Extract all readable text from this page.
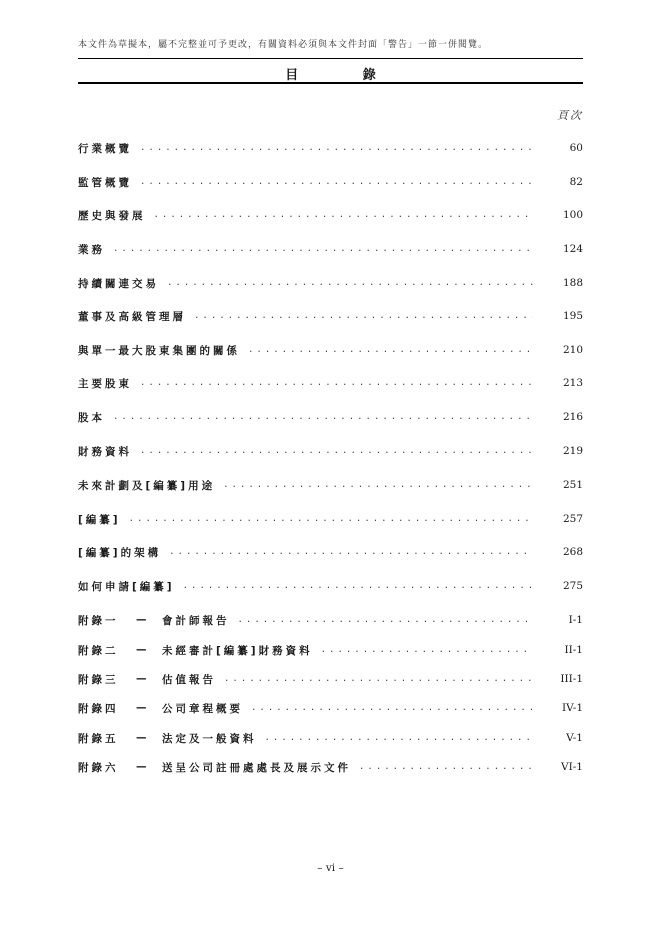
本文件為草擬本，屬不完整並可予更改，有關資料必須與本文件封面「警告」一節一併閱覽。
目 錄
頁次
行業概覽 .....	60
監管概覽 .....	82
歷史與發展 .....	100
業務 .....	124
持續關連交易 .....	188
董事及高級管理層 .....	195
與單一最大股東集團的關係 .....	210
主要股東 .....	213
股本 .....	216
財務資料 .....	219
未來計劃及[編纂]用途 .....	251
[編纂] .....	257
[編纂]的架構 .....	268
如何申請[編纂] .....	275
附錄一	—	會計師報告 .....	I-1
附錄二	—	未經審計[編纂]財務資料 .....	II-1
附錄三	—	估值報告 .....	III-1
附錄四	—	公司章程概要 .....	IV-1
附錄五	—	法定及一般資料 .....	V-1
附錄六	—	送呈公司註冊處處長及展示文件 .....	VI-1
– vi –
